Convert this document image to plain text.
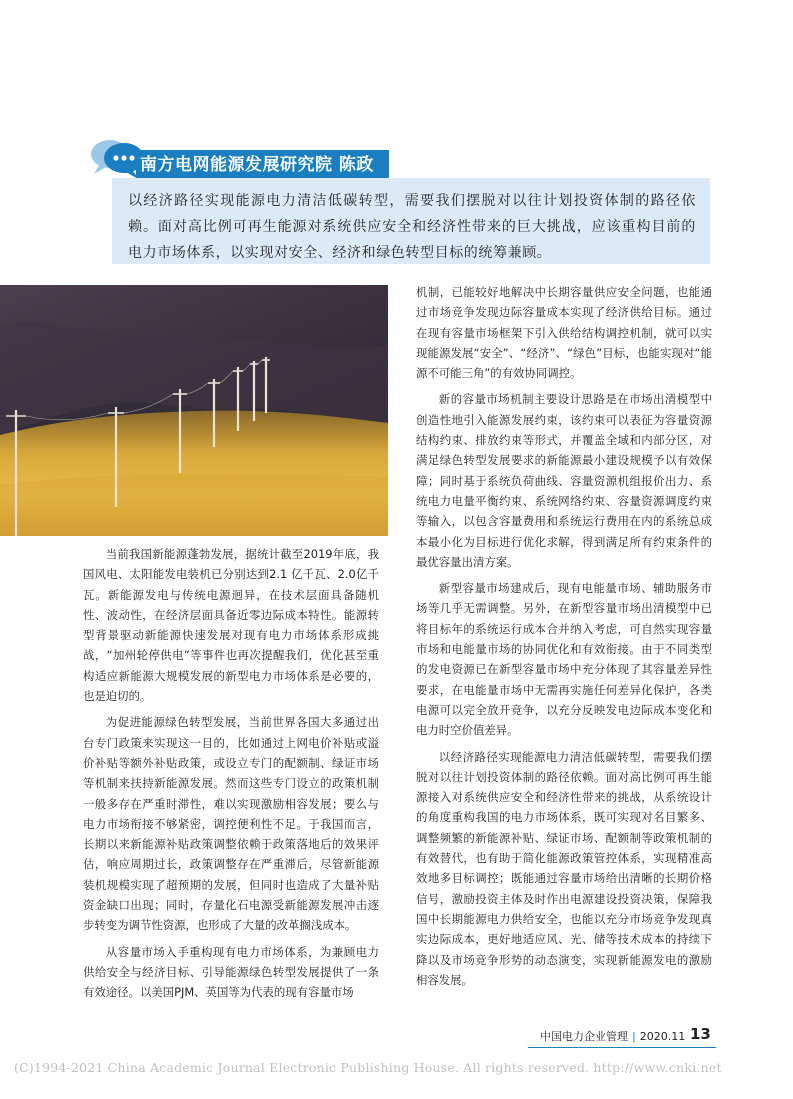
南方电网能源发展研究院 陈政

以经济路径实现能源电力清洁低碳转型，需要我们摆脱对以往计划投资体制的路径依赖。面对高比例可再生能源对系统供应安全和经济性带来的巨大挑战，应该重构目前的电力市场体系，以实现对安全、经济和绿色转型目标的统筹兼顾。

当前我国新能源蓬勃发展，据统计截至2019年底，我国风电、太阳能发电装机已分别达到2.1 亿千瓦、2.0亿千瓦。新能源发电与传统电源迥异，在技术层面具备随机性、波动性，在经济层面具备近零边际成本特性。能源转型背景驱动新能源快速发展对现有电力市场体系形成挑战，“加州轮停供电”等事件也再次提醒我们，优化甚至重构适应新能源大规模发展的新型电力市场体系是必要的，也是迫切的。

为促进能源绿色转型发展，当前世界各国大多通过出台专门政策来实现这一目的，比如通过上网电价补贴或溢价补贴等额外补贴政策，或设立专门的配额制、绿证市场等机制来扶持新能源发展。然而这些专门设立的政策机制一般多存在严重时滞性，难以实现激励相容发展；要么与电力市场衔接不够紧密，调控便利性不足。于我国而言，长期以来新能源补贴政策调整依赖于政策落地后的效果评估，响应周期过长，政策调整存在严重滞后，尽管新能源装机规模实现了超预期的发展，但同时也造成了大量补贴资金缺口出现；同时，存量化石电源受新能源发展冲击逐步转变为调节性资源，也形成了大量的改革搁浅成本。

从容量市场入手重构现有电力市场体系，为兼顾电力供给安全与经济目标、引导能源绿色转型发展提供了一条有效途径。以美国PJM、英国等为代表的现有容量市场

机制，已能较好地解决中长期容量供应安全问题，也能通过市场竞争发现边际容量成本实现了经济供给目标。通过在现有容量市场框架下引入供给结构调控机制，就可以实现能源发展“安全”、“经济”、“绿色”目标，也能实现对“能源不可能三角”的有效协同调控。

新的容量市场机制主要设计思路是在市场出清模型中创造性地引入能源发展约束，该约束可以表征为容量资源结构约束、排放约束等形式，并覆盖全域和内部分区，对满足绿色转型发展要求的新能源最小建设规模予以有效保障；同时基于系统负荷曲线、容量资源机组报价出力、系统电力电量平衡约束、系统网络约束、容量资源调度约束等输入，以包含容量费用和系统运行费用在内的系统总成本最小化为目标进行优化求解，得到满足所有约束条件的最优容量出清方案。

新型容量市场建成后，现有电能量市场、辅助服务市场等几乎无需调整。另外，在新型容量市场出清模型中已将目标年的系统运行成本合并纳入考虑，可自然实现容量市场和电能量市场的协同优化和有效衔接。由于不同类型的发电资源已在新型容量市场中充分体现了其容量差异性要求，在电能量市场中无需再实施任何差异化保护，各类电源可以完全放开竞争，以充分反映发电边际成本变化和电力时空价值差异。

以经济路径实现能源电力清洁低碳转型，需要我们摆脱对以往计划投资体制的路径依赖。面对高比例可再生能源接入对系统供应安全和经济性带来的挑战，从系统设计的角度重构我国的电力市场体系，既可实现对名目繁多、调整频繁的新能源补贴、绿证市场、配额制等政策机制的有效替代，也有助于简化能源政策管控体系，实现精准高效地多目标调控；既能通过容量市场给出清晰的长期价格信号，激励投资主体及时作出电源建设投资决策，保障我国中长期能源电力供给安全，也能以充分市场竞争发现真实边际成本，更好地适应风、光、储等技术成本的持续下降以及市场竞争形势的动态演变，实现新能源发电的激励相容发展。

中国电力企业管理 | 2020.11 13
(C)1994-2021 China Academic Journal Electronic Publishing House. All rights reserved. http://www.cnki.net
